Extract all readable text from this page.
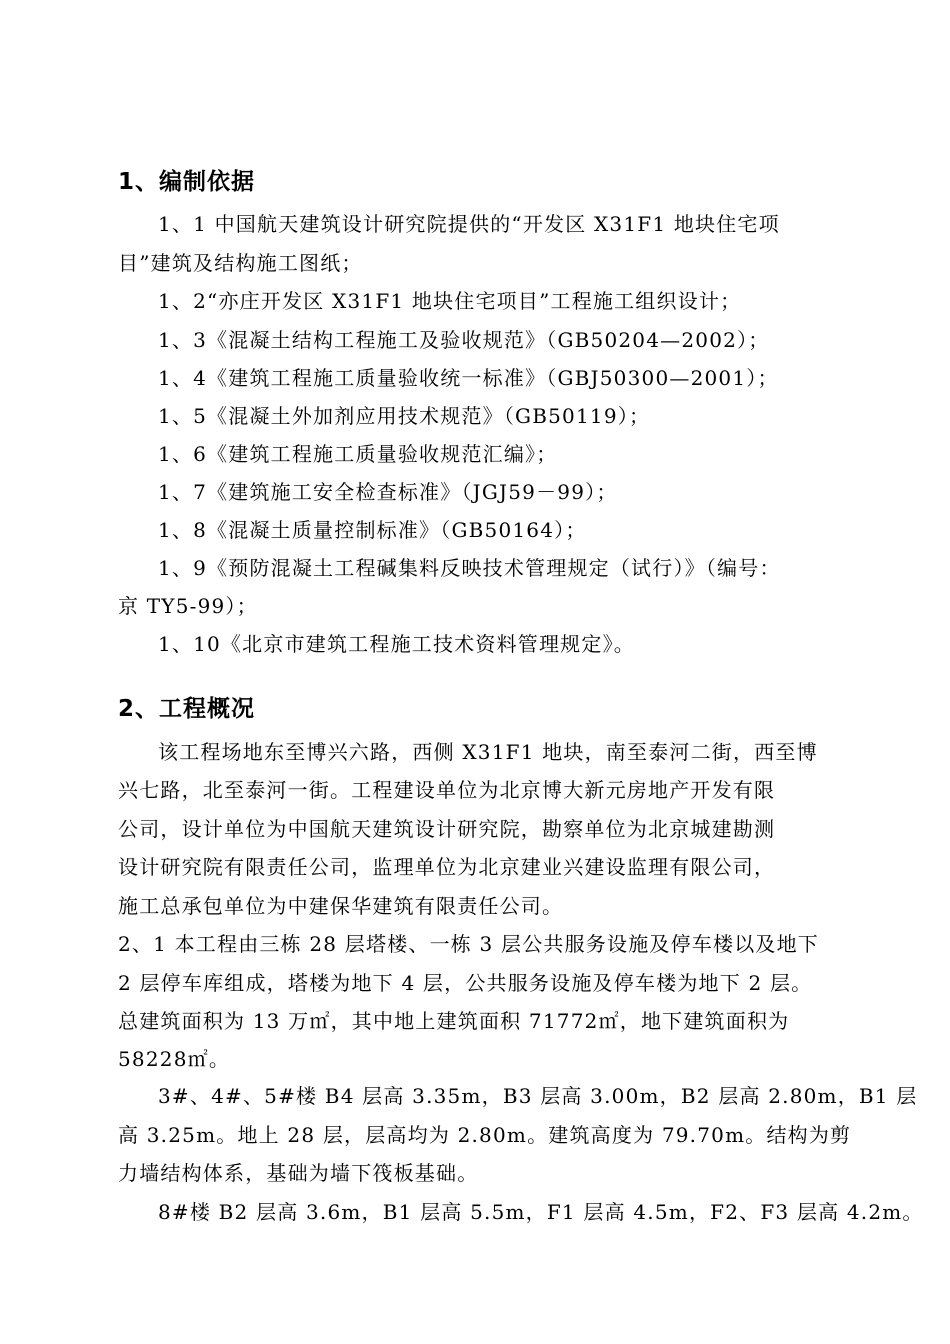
1、编制依据
1、1 中国航天建筑设计研究院提供的“开发区 X31F1 地块住宅项
目”建筑及结构施工图纸；
1、2“亦庄开发区 X31F1 地块住宅项目”工程施工组织设计；
1、3《混凝土结构工程施工及验收规范》（GB50204—2002）；
1、4《建筑工程施工质量验收统一标准》（GBJ50300—2001）；
1、5《混凝土外加剂应用技术规范》（GB50119）；
1、6《建筑工程施工质量验收规范汇编》；
1、7《建筑施工安全检查标准》（JGJ59－99）；
1、8《混凝土质量控制标准》（GB50164）；
1、9《预防混凝土工程碱集料反映技术管理规定（试行）》（编号：
京 TY5-99）；
1、10《北京市建筑工程施工技术资料管理规定》。
2、工程概况
该工程场地东至博兴六路，西侧 X31F1 地块，南至泰河二街，西至博
兴七路，北至泰河一街。工程建设单位为北京博大新元房地产开发有限
公司，设计单位为中国航天建筑设计研究院，勘察单位为北京城建勘测
设计研究院有限责任公司，监理单位为北京建业兴建设监理有限公司，
施工总承包单位为中建保华建筑有限责任公司。
2、1 本工程由三栋 28 层塔楼、一栋 3 层公共服务设施及停车楼以及地下
2 层停车库组成，塔楼为地下 4 层，公共服务设施及停车楼为地下 2 层。
总建筑面积为 13 万㎡，其中地上建筑面积 71772㎡，地下建筑面积为
58228㎡。
3#、4#、5#楼 B4 层高 3.35m，B3 层高 3.00m，B2 层高 2.80m，B1 层
高 3.25m。地上 28 层，层高均为 2.80m。建筑高度为 79.70m。结构为剪
力墙结构体系，基础为墙下筏板基础。
8#楼 B2 层高 3.6m，B1 层高 5.5m，F1 层高 4.5m，F2、F3 层高 4.2m。
